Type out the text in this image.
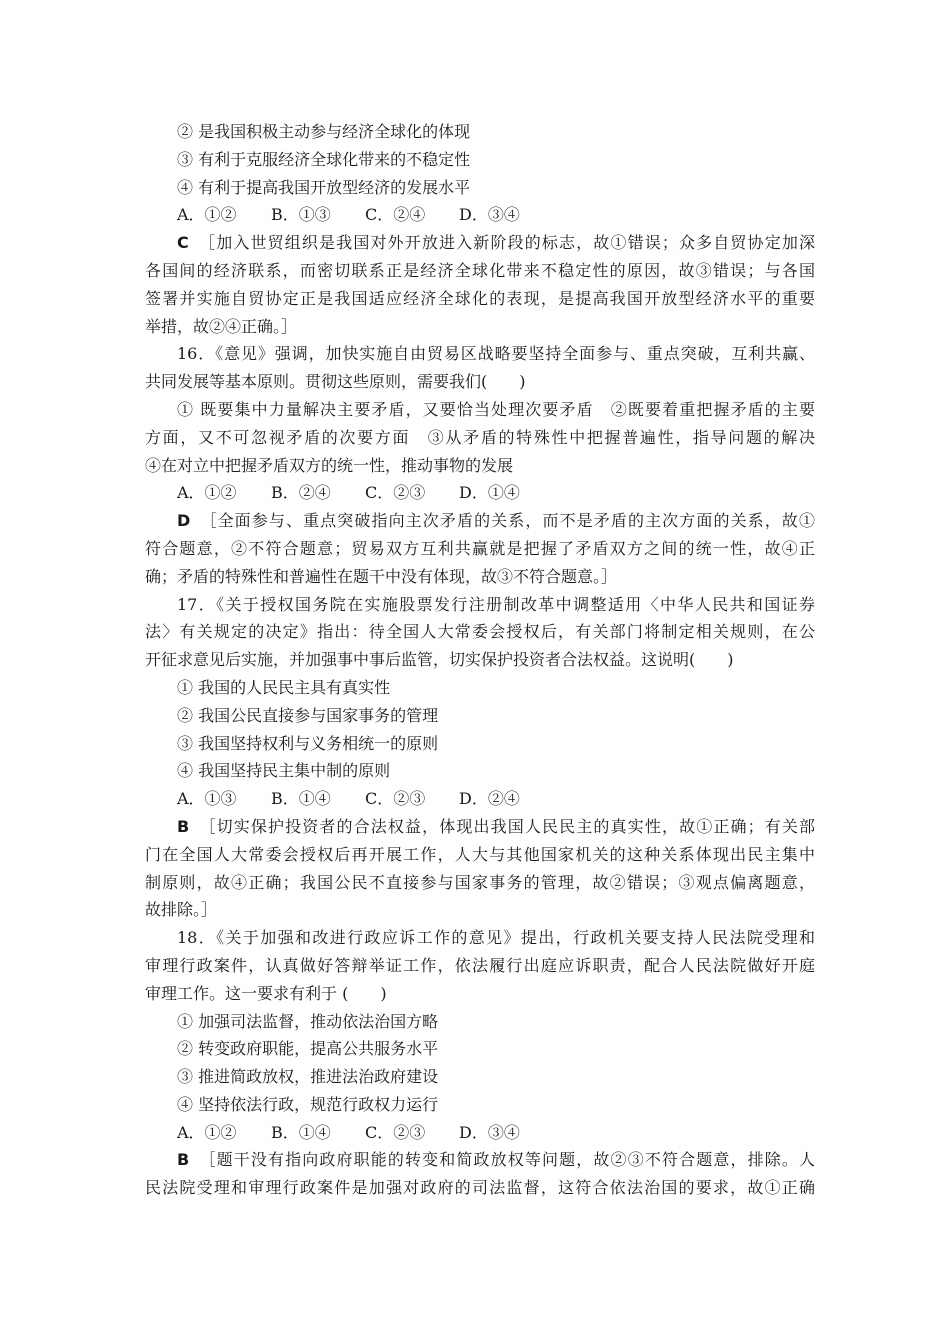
② 是我国积极主动参与经济全球化的体现
③ 有利于克服经济全球化带来的不稳定性
④ 有利于提高我国开放型经济的发展水平
A．①② B．①③ C．②④ D．③④
C　 ［加入世贸组织是我国对外开放进入新阶段的标志，故①错误；众多自贸协定加深
各国间的经济联系，而密切联系正是经济全球化带来不稳定性的原因，故③错误；与各国
签署并实施自贸协定正是我国适应经济全球化的表现，是提高我国开放型经济水平的重要
举措，故②④正确。］
16．《意见》强调，加快实施自由贸易区战略要坚持全面参与、重点突破，互利共赢、
共同发展等基本原则。贯彻这些原则，需要我们(　　)
① 既要集中力量解决主要矛盾，又要恰当处理次要矛盾　②既要着重把握矛盾的主要
方面，又不可忽视矛盾的次要方面　③从矛盾的特殊性中把握普遍性，指导问题的解决
④在对立中把握矛盾双方的统一性，推动事物的发展
A．①② B．②④ C．②③ D．①④
D　 ［全面参与、重点突破指向主次矛盾的关系，而不是矛盾的主次方面的关系，故①
符合题意，②不符合题意；贸易双方互利共赢就是把握了矛盾双方之间的统一性，故④正
确；矛盾的特殊性和普遍性在题干中没有体现，故③不符合题意。］
17．《关于授权国务院在实施股票发行注册制改革中调整适用〈中华人民共和国证券
法〉有关规定的决定》指出：待全国人大常委会授权后，有关部门将制定相关规则，在公
开征求意见后实施，并加强事中事后监管，切实保护投资者合法权益。这说明(　　)
① 我国的人民民主具有真实性
② 我国公民直接参与国家事务的管理
③ 我国坚持权利与义务相统一的原则
④ 我国坚持民主集中制的原则
A．①③ B．①④ C．②③ D．②④
B　 ［切实保护投资者的合法权益，体现出我国人民民主的真实性，故①正确；有关部
门在全国人大常委会授权后再开展工作，人大与其他国家机关的这种关系体现出民主集中
制原则，故④正确；我国公民不直接参与国家事务的管理，故②错误；③观点偏离题意，
故排除。］
18．《关于加强和改进行政应诉工作的意见》提出，行政机关要支持人民法院受理和
审理行政案件，认真做好答辩举证工作，依法履行出庭应诉职责，配合人民法院做好开庭
审理工作。这一要求有利于 (　　)
① 加强司法监督，推动依法治国方略
② 转变政府职能，提高公共服务水平
③ 推进简政放权，推进法治政府建设
④ 坚持依法行政，规范行政权力运行
A．①② B．①④ C．②③ D．③④
B　 ［题干没有指向政府职能的转变和简政放权等问题，故②③不符合题意，排除。人
民法院受理和审理行政案件是加强对政府的司法监督，这符合依法治国的要求，故①正确
